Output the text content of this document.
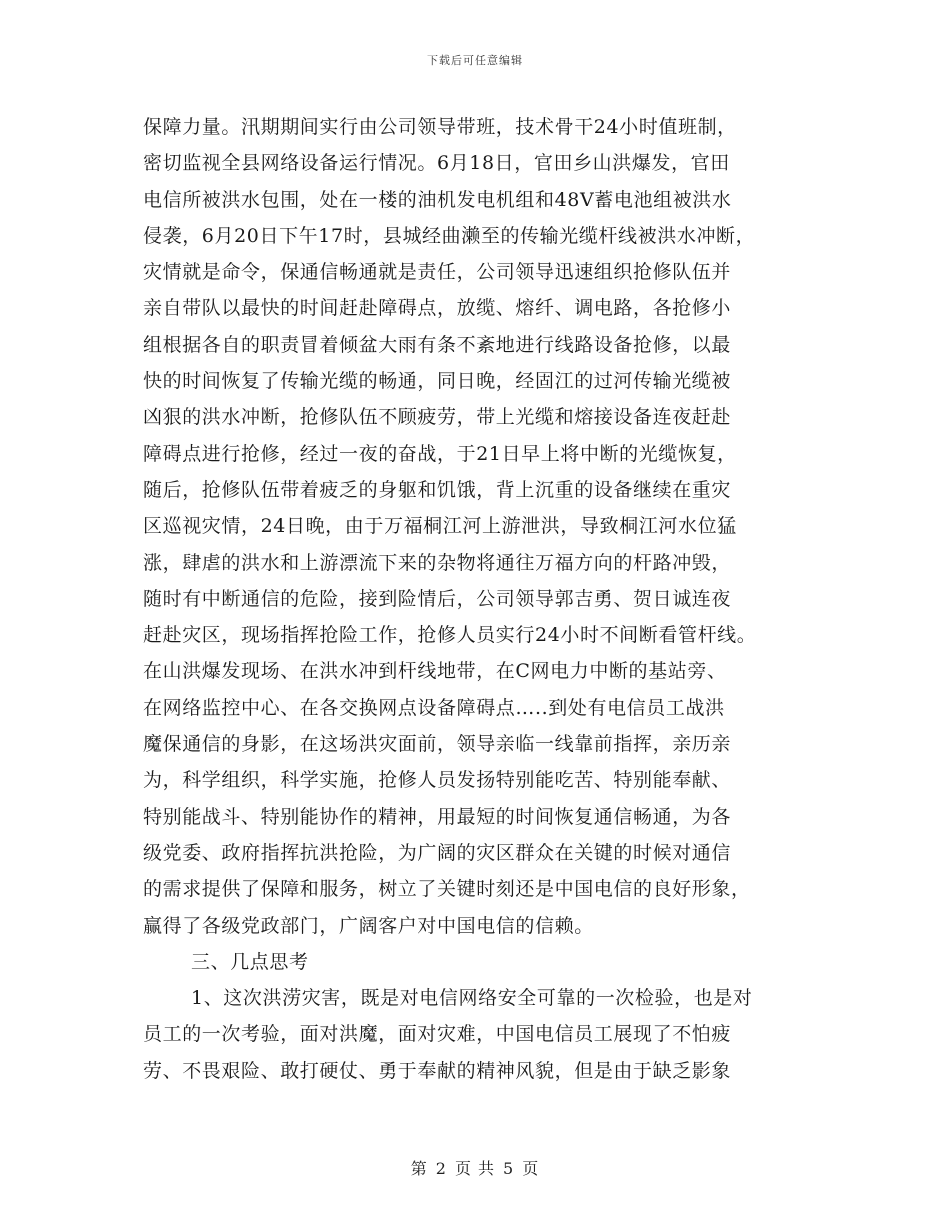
下载后可任意编辑
保障力量。汛期期间实行由公司领导带班，技术骨干24小时值班制，
密切监视全县网络设备运行情况。6月18日，官田乡山洪爆发，官田
电信所被洪水包围，处在一楼的油机发电机组和48V蓄电池组被洪水
侵袭，6月20日下午17时，县城经曲濑至的传输光缆杆线被洪水冲断，
灾情就是命令，保通信畅通就是责任，公司领导迅速组织抢修队伍并
亲自带队以最快的时间赶赴障碍点，放缆、熔纤、调电路，各抢修小
组根据各自的职责冒着倾盆大雨有条不紊地进行线路设备抢修，以最
快的时间恢复了传输光缆的畅通，同日晚，经固江的过河传输光缆被
凶狠的洪水冲断，抢修队伍不顾疲劳，带上光缆和熔接设备连夜赶赴
障碍点进行抢修，经过一夜的奋战，于21日早上将中断的光缆恢复，
随后，抢修队伍带着疲乏的身躯和饥饿，背上沉重的设备继续在重灾
区巡视灾情，24日晚，由于万福桐江河上游泄洪，导致桐江河水位猛
涨，肆虐的洪水和上游漂流下来的杂物将通往万福方向的杆路冲毁，
随时有中断通信的危险，接到险情后，公司领导郭吉勇、贺日诚连夜
赶赴灾区，现场指挥抢险工作，抢修人员实行24小时不间断看管杆线。
在山洪爆发现场、在洪水冲到杆线地带，在C网电力中断的基站旁、
在网络监控中心、在各交换网点设备障碍点…..到处有电信员工战洪
魔保通信的身影，在这场洪灾面前，领导亲临一线靠前指挥，亲历亲
为，科学组织，科学实施，抢修人员发扬特别能吃苦、特别能奉献、
特别能战斗、特别能协作的精神，用最短的时间恢复通信畅通，为各
级党委、政府指挥抗洪抢险，为广阔的灾区群众在关键的时候对通信
的需求提供了保障和服务，树立了关键时刻还是中国电信的良好形象，
赢得了各级党政部门，广阔客户对中国电信的信赖。
三、几点思考
1、这次洪涝灾害，既是对电信网络安全可靠的一次检验，也是对
员工的一次考验，面对洪魔，面对灾难，中国电信员工展现了不怕疲
劳、不畏艰险、敢打硬仗、勇于奉献的精神风貌，但是由于缺乏影象
第 2 页 共 5 页
